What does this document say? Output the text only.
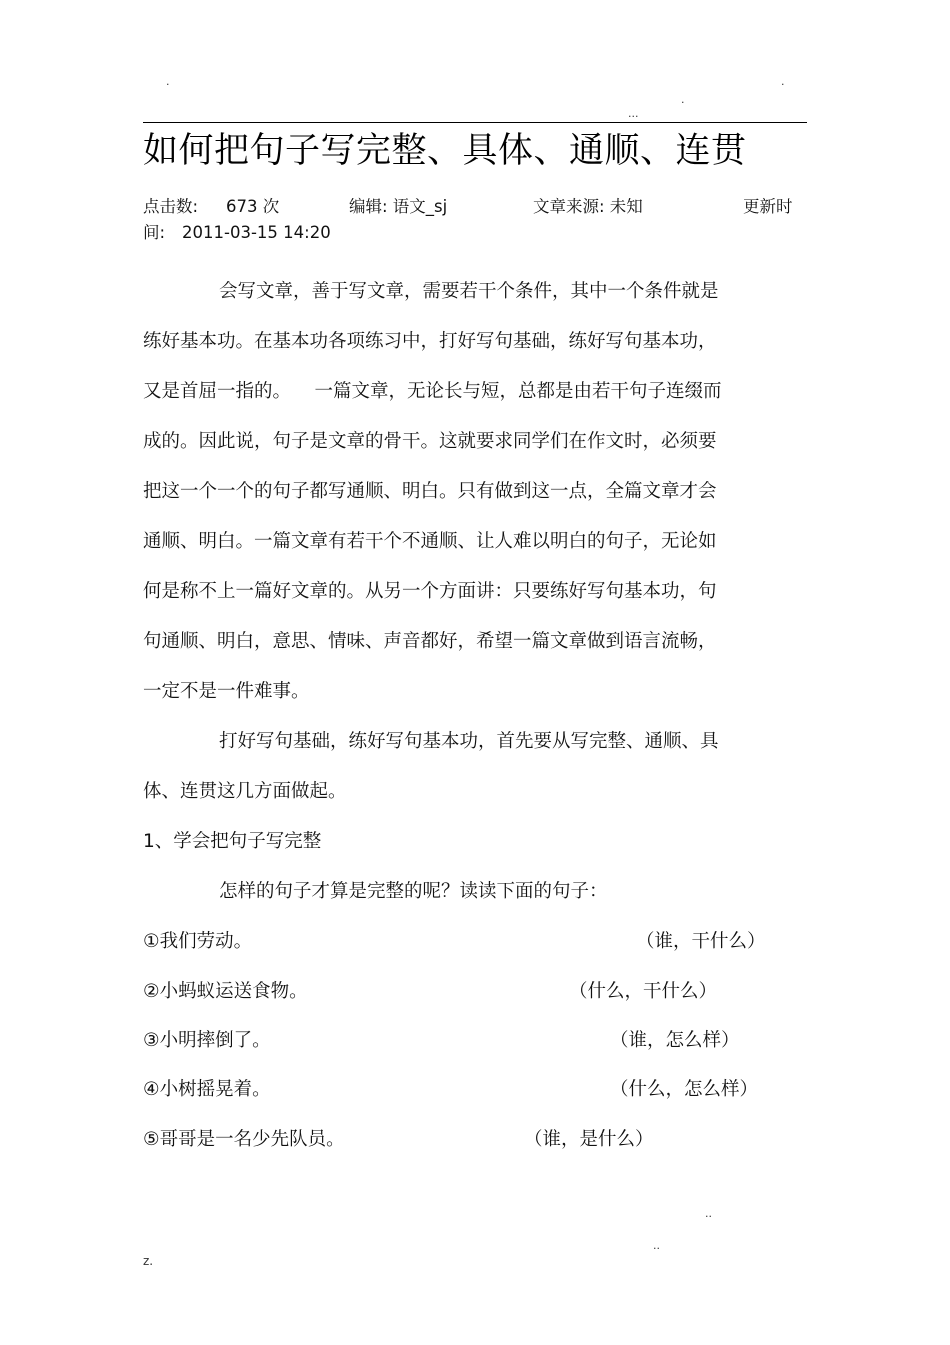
.	.
.
...
如何把句子写完整、具体、通顺、连贯
点击数: 673 次	编辑: 语文_sj	文章来源: 未知	更新时
间: 2011-03-15 14:20
会写文章，善于写文章，需要若干个条件，其中一个条件就是
练好基本功。在基本功各项练习中，打好写句基础，练好写句基本功，
又是首屈一指的。    一篇文章，无论长与短，总都是由若干句子连缀而
成的。因此说，句子是文章的骨干。这就要求同学们在作文时，必须要
把这一个一个的句子都写通顺、明白。只有做到这一点，全篇文章才会
通顺、明白。一篇文章有若干个不通顺、让人难以明白的句子，无论如
何是称不上一篇好文章的。从另一个方面讲：只要练好写句基本功，句
句通顺、明白，意思、情味、声音都好，希望一篇文章做到语言流畅，
一定不是一件难事。
打好写句基础，练好写句基本功，首先要从写完整、通顺、具
体、连贯这几方面做起。
1、学会把句子写完整
怎样的句子才算是完整的呢？读读下面的句子：
①我们劳动。	（谁，干什么）
②小蚂蚁运送食物。	（什么，干什么）
③小明摔倒了。	（谁，怎么样）
④小树摇晃着。	（什么，怎么样）
⑤哥哥是一名少先队员。	（谁，是什么）
..
..
z.
